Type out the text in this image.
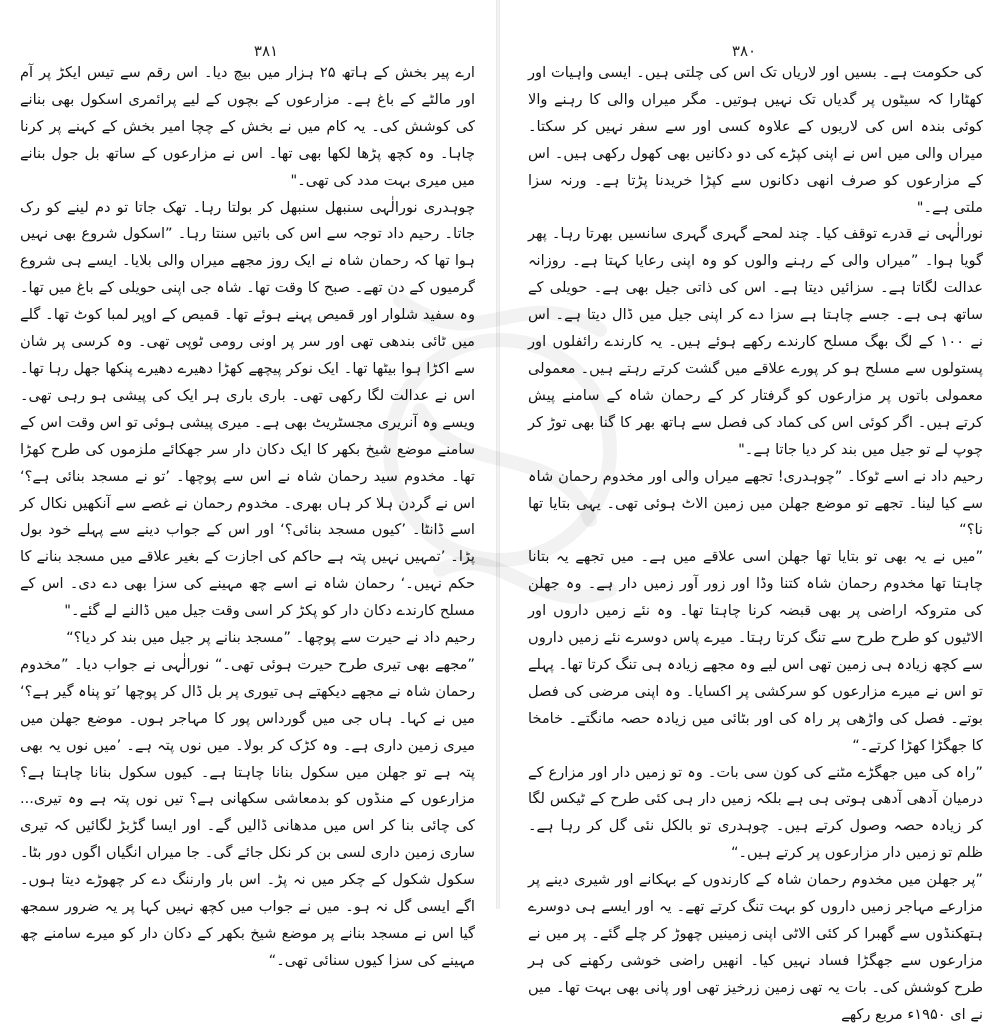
۳۸۱

ارے پیر بخش کے ہاتھ ۲۵ ہزار میں بیچ دیا۔ اس رقم سے تیس ایکڑ پر آم اور مالٹے کے باغ ہے۔ مزارعوں کے بچوں کے لیے پرائمری اسکول بھی بنانے کی کوشش کی۔ یہ کام میں نے بخش کے چچا امیر بخش کے کہنے پر کرنا چاہا۔ وہ کچھ پڑھا لکھا بھی تھا۔ اس نے مزارعوں کے ساتھ بل جول بنانے میں میری بہت مدد کی تھی۔"

چوہدری نورالٰہی سنبھل سنبھل کر بولتا رہا۔ تھک جاتا تو دم لینے کو رک جاتا۔ رحیم داد توجہ سے اس کی باتیں سنتا رہا۔ ”اسکول شروع بھی نہیں ہوا تھا کہ رحمان شاہ نے ایک روز مجھے میراں والی بلایا۔ ایسے ہی شروع گرمیوں کے دن تھے۔ صبح کا وقت تھا۔ شاہ جی اپنی حویلی کے باغ میں تھا۔ وہ سفید شلوار اور قمیص پہنے ہوئے تھا۔ قمیص کے اوپر لمبا کوٹ تھا۔ گلے میں ٹائی بندھی تھی اور سر پر اونی رومی ٹوپی تھی۔ وہ کرسی پر شان سے اکڑا ہوا بیٹھا تھا۔ ایک نوکر پیچھے کھڑا دھیرے دھیرے پنکھا جھل رہا تھا۔ اس نے عدالت لگا رکھی تھی۔ باری باری ہر ایک کی پیشی ہو رہی تھی۔ ویسے وہ آنریری مجسٹریٹ بھی ہے۔ میری پیشی ہوئی تو اس وقت اس کے سامنے موضع شیخ بکھر کا ایک دکان دار سر جھکائے ملزموں کی طرح کھڑا تھا۔ مخدوم سید رحمان شاہ نے اس سے پوچھا۔ ’تو نے مسجد بنائی ہے؟‘ اس نے گردن ہلا کر ہاں بھری۔ مخدوم رحمان نے غصے سے آنکھیں نکال کر اسے ڈانٹا۔ ’کیوں مسجد بنائی؟‘ اور اس کے جواب دینے سے پہلے خود بول پڑا۔ ’تمہیں نہیں پتہ ہے حاکم کی اجازت کے بغیر علاقے میں مسجد بنانے کا حکم نہیں۔‘ رحمان شاہ نے اسے چھ مہینے کی سزا بھی دے دی۔ اس کے مسلح کارندے دکان دار کو پکڑ کر اسی وقت جیل میں ڈالنے لے گئے۔"

رحیم داد نے حیرت سے پوچھا۔ ”مسجد بنانے پر جیل میں بند کر دیا؟“

”مجھے بھی تیری طرح حیرت ہوئی تھی۔“ نورالٰہی نے جواب دیا۔ ”مخدوم رحمان شاہ نے مجھے دیکھتے ہی تیوری پر بل ڈال کر پوچھا ’تو پناہ گیر ہے؟‘ میں نے کہا۔ ہاں جی میں گورداس پور کا مہاجر ہوں۔ موضع جھلن میں میری زمین داری ہے۔ وہ کڑک کر بولا۔ میں نوں پتہ ہے۔ ’میں نوں یہ بھی پتہ ہے تو جھلن میں سکول بنانا چاہتا ہے۔ کیوں سکول بنانا چاہتا ہے؟ مزارعوں کے منڈوں کو بدمعاشی سکھانی ہے؟ تیں نوں پتہ ہے وہ تیری... کی چائی بنا کر اس میں مدھانی ڈالیں گے۔ اور ایسا گڑبڑ لگائیں کہ تیری ساری زمین داری لسی بن کر نکل جائے گی۔ جا میراں انگیاں اگوں دور بٹا۔ سکول شکول کے چکر میں نہ پڑ۔ اس بار وارننگ دے کر چھوڑے دیتا ہوں۔ اگے ایسی گل نہ ہو۔ میں نے جواب میں کچھ نہیں کہا پر یہ ضرور سمجھ گیا اس نے مسجد بنانے پر موضع شیخ بکھر کے دکان دار کو میرے سامنے چھ مہینے کی سزا کیوں سنائی تھی۔“

۳۸۰

کی حکومت ہے۔ بسیں اور لاریاں تک اس کی چلتی ہیں۔ ایسی واہیات اور کھٹارا کہ سیٹوں پر گدیاں تک نہیں ہوتیں۔ مگر میراں والی کا رہنے والا کوئی بندہ اس کی لاریوں کے علاوہ کسی اور سے سفر نہیں کر سکتا۔ میراں والی میں اس نے اپنی کپڑے کی دو دکانیں بھی کھول رکھی ہیں۔ اس کے مزارعوں کو صرف انھی دکانوں سے کپڑا خریدنا پڑتا ہے۔ ورنہ سزا ملتی ہے۔"

نورالٰہی نے قدرے توقف کیا۔ چند لمحے گہری گہری سانسیں بھرتا رہا۔ پھر گویا ہوا۔ ”میراں والی کے رہنے والوں کو وہ اپنی رعایا کہتا ہے۔ روزانہ عدالت لگاتا ہے۔ سزائیں دیتا ہے۔ اس کی ذاتی جیل بھی ہے۔ حویلی کے ساتھ ہی ہے۔ جسے چاہتا ہے سزا دے کر اپنی جیل میں ڈال دیتا ہے۔ اس نے ۱۰۰ کے لگ بھگ مسلح کارندے رکھے ہوئے ہیں۔ یہ کارندے رائفلوں اور پستولوں سے مسلح ہو کر پورے علاقے میں گشت کرتے رہتے ہیں۔ معمولی معمولی باتوں پر مزارعوں کو گرفتار کر کے رحمان شاہ کے سامنے پیش کرتے ہیں۔ اگر کوئی اس کی کماد کی فصل سے ہاتھ بھر کا گنا بھی توڑ کر چوپ لے تو جیل میں بند کر دیا جاتا ہے۔"

رحیم داد نے اسے ٹوکا۔ ”چوہدری! تجھے میراں والی اور مخدوم رحمان شاہ سے کیا لینا۔ تجھے تو موضع جھلن میں زمین الاٹ ہوئی تھی۔ یہی بتایا تھا نا؟“

”میں نے یہ بھی تو بتایا تھا جھلن اسی علاقے میں ہے۔ میں تجھے یہ بتانا چاہتا تھا مخدوم رحمان شاہ کتنا وڈا اور زور آور زمیں دار ہے۔ وہ جھلن کی متروکہ اراضی پر بھی قبضہ کرنا چاہتا تھا۔ وہ نئے زمیں داروں اور الاٹیوں کو طرح طرح سے تنگ کرتا رہتا۔ میرے پاس دوسرے نئے زمیں داروں سے کچھ زیادہ ہی زمین تھی اس لیے وہ مجھے زیادہ ہی تنگ کرتا تھا۔ پہلے تو اس نے میرے مزارعوں کو سرکشی پر اکسایا۔ وہ اپنی مرضی کی فصل بوتے۔ فصل کی واڑھی پر راہ کی اور بٹائی میں زیادہ حصہ مانگتے۔ خامخا کا جھگڑا کھڑا کرتے۔“

”راہ کی میں جھگڑے مٹنے کی کون سی بات۔ وہ تو زمیں دار اور مزارع کے درمیان آدھی آدھی ہوتی ہی ہے بلکہ زمیں دار ہی کئی طرح کے ٹیکس لگا کر زیادہ حصہ وصول کرتے ہیں۔ چوہدری تو بالکل نئی گل کر رہا ہے۔ ظلم تو زمیں دار مزارعوں پر کرتے ہیں۔“

”پر جھلن میں مخدوم رحمان شاہ کے کارندوں کے بہکانے اور شیری دینے پر مزارعے مہاجر زمیں داروں کو بہت تنگ کرتے تھے۔ یہ اور ایسے ہی دوسرے ہتھکنڈوں سے گھبرا کر کئی الاٹی اپنی زمینیں چھوڑ کر چلے گئے۔ پر میں نے مزارعوں سے جھگڑا فساد نہیں کیا۔ انھیں راضی خوشی رکھنے کی ہر طرح کوشش کی۔ بات یہ تھی زمین زرخیز تھی اور پانی بھی بہت تھا۔ میں نے ای ۱۹۵۰ء مربع رکھے
